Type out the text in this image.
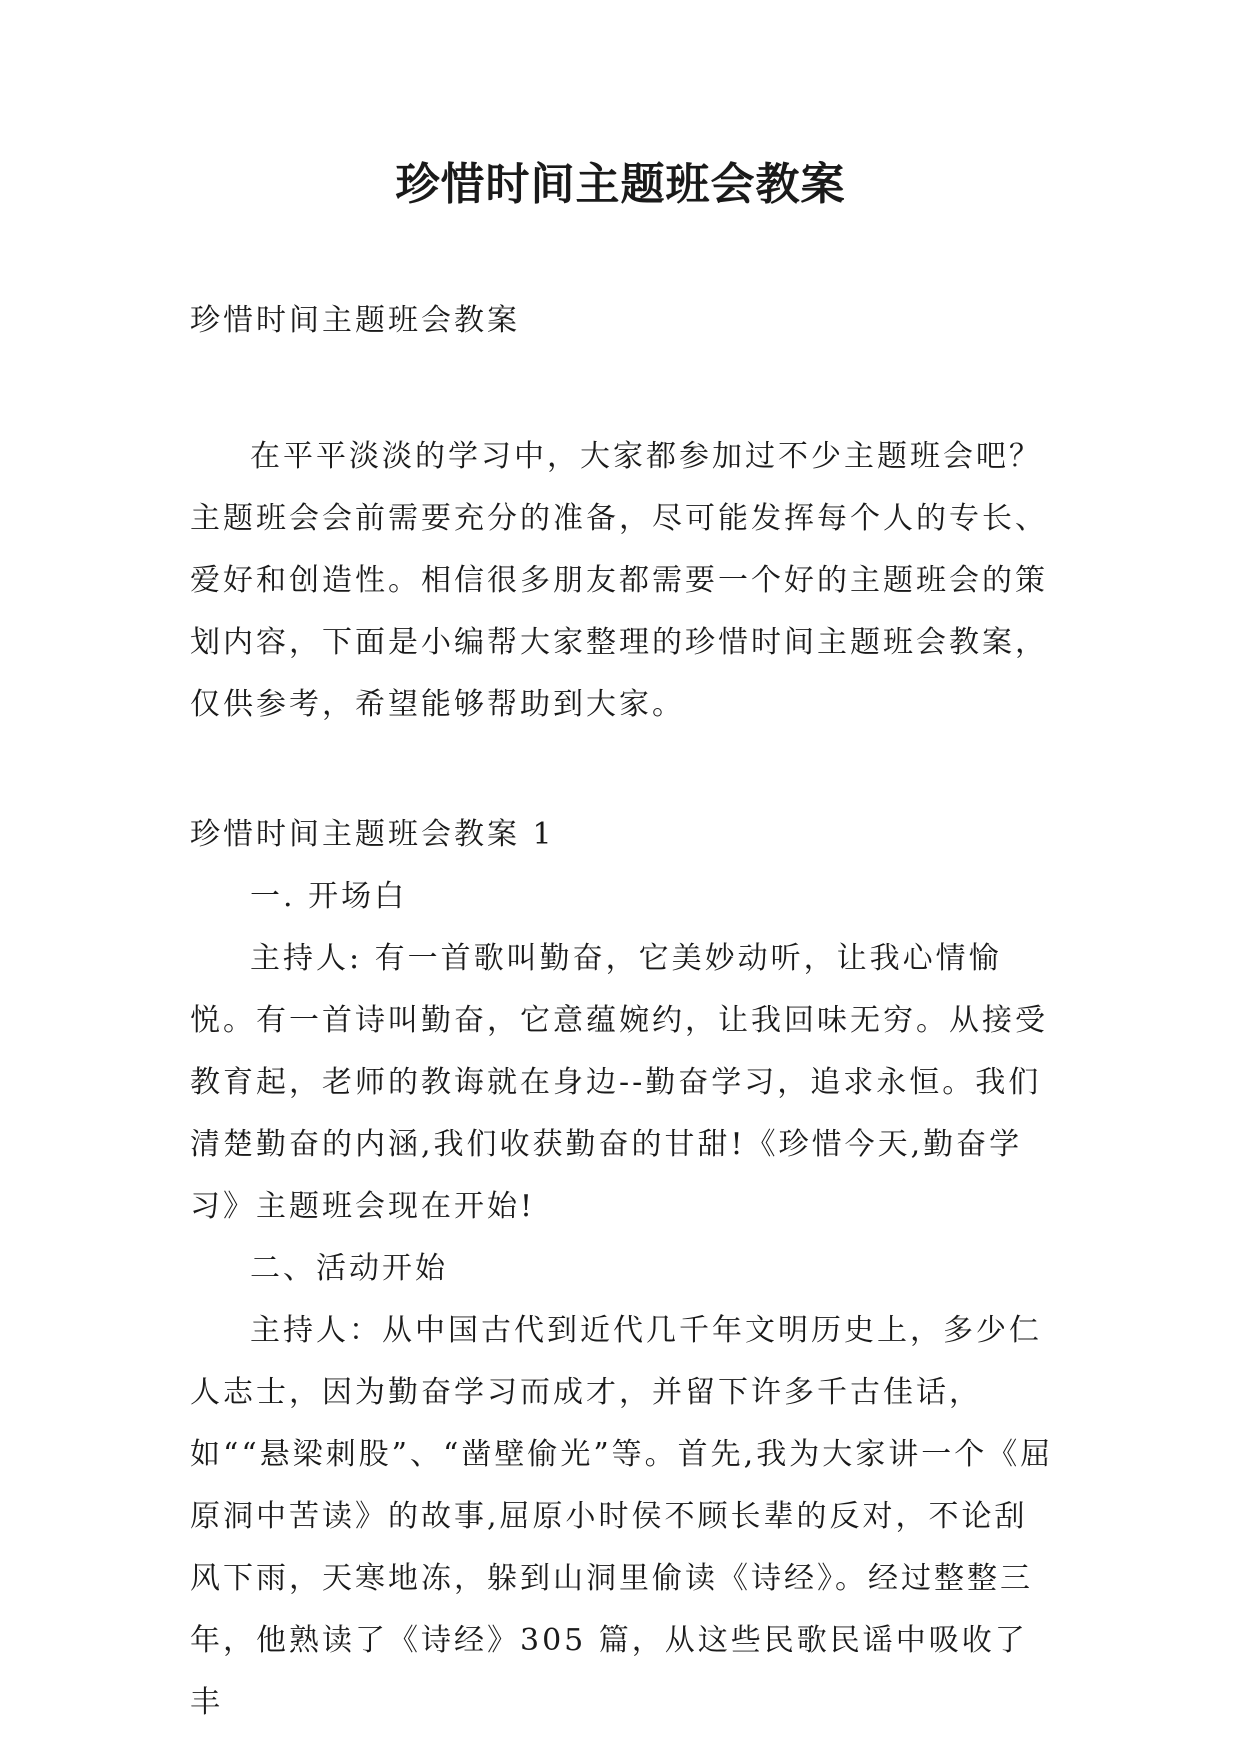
珍惜时间主题班会教案

珍惜时间主题班会教案

在平平淡淡的学习中，大家都参加过不少主题班会吧？主题班会会前需要充分的准备，尽可能发挥每个人的专长、爱好和创造性。相信很多朋友都需要一个好的主题班会的策划内容，下面是小编帮大家整理的珍惜时间主题班会教案，仅供参考，希望能够帮助到大家。

珍惜时间主题班会教案 1

一. 开场白

主持人: 有一首歌叫勤奋，它美妙动听，让我心情愉悦。有一首诗叫勤奋，它意蕴婉约，让我回味无穷。从接受教育起，老师的教诲就在身边--勤奋学习，追求永恒。我们清楚勤奋的内涵,我们收获勤奋的甘甜!《珍惜今天,勤奋学习》主题班会现在开始!

二、活动开始

主持人：从中国古代到近代几千年文明历史上，多少仁人志士，因为勤奋学习而成才，并留下许多千古佳话，如““悬梁刺股”、“凿壁偷光”等。首先,我为大家讲一个《屈原洞中苦读》的故事,屈原小时侯不顾长辈的反对，不论刮风下雨，天寒地冻，躲到山洞里偷读《诗经》。经过整整三年，他熟读了《诗经》305 篇，从这些民歌民谣中吸收了丰
